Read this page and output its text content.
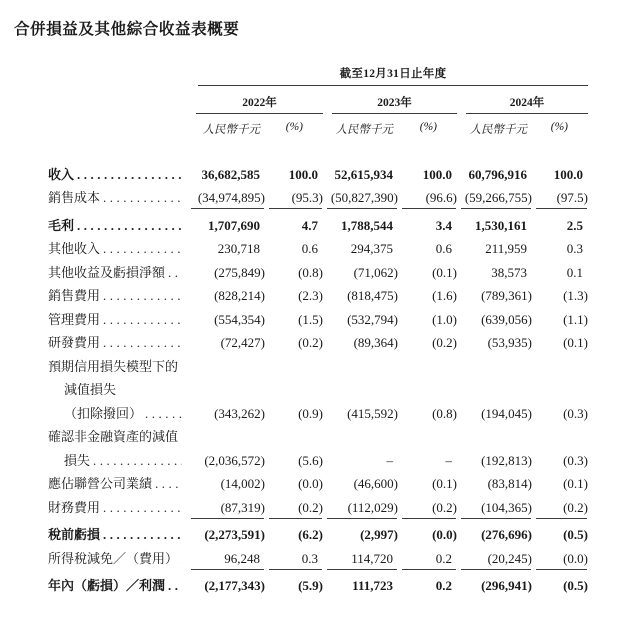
合併損益及其他綜合收益表概要
截至12月31日止年度
2022年	2023年	2024年
人民幣千元	(%)	人民幣千元	(%)	人民幣千元	(%)
收入 .....	36,682,585	100.0	52,615,934	100.0	60,796,916	100.0
銷售成本 .....	(34,974,895)	(95.3) (50,827,390)	(96.6) (59,266,755)	(97.5)
毛利 .....	1,707,690	4.7	1,788,544	3.4	1,530,161	2.5
其他收入 .....	230,718	0.6	294,375	0.6	211,959	0.3
其他收益及虧損淨額 .....	(275,849)	(0.8)	(71,062)	(0.1)	38,573	0.1
銷售費用 .....	(828,214)	(2.3)	(818,475)	(1.6)	(789,361)	(1.3)
管理費用 .....	(554,354)	(1.5)	(532,794)	(1.0)	(639,056)	(1.1)
研發費用 .....	(72,427)	(0.2)	(89,364)	(0.2)	(53,935)	(0.1)
預期信用損失模型下的
減值損失
（扣除撥回） .....	(343,262)	(0.9)	(415,592)	(0.8)	(194,045)	(0.3)
確認非金融資產的減值
損失 .....	(2,036,572)	(5.6)	–	–	(192,813)	(0.3)
應佔聯營公司業績 .....	(14,002)	(0.0)	(46,600)	(0.1)	(83,814)	(0.1)
財務費用 .....	(87,319)	(0.2)	(112,029)	(0.2)	(104,365)	(0.2)
稅前虧損 .....	(2,273,591)	(6.2)	(2,997)	(0.0)	(276,696)	(0.5)
所得稅減免／（費用） .....	96,248	0.3	114,720	0.2	(20,245)	(0.0)
年內（虧損）／利潤 .....	(2,177,343)	(5.9)	111,723	0.2	(296,941)	(0.5)
